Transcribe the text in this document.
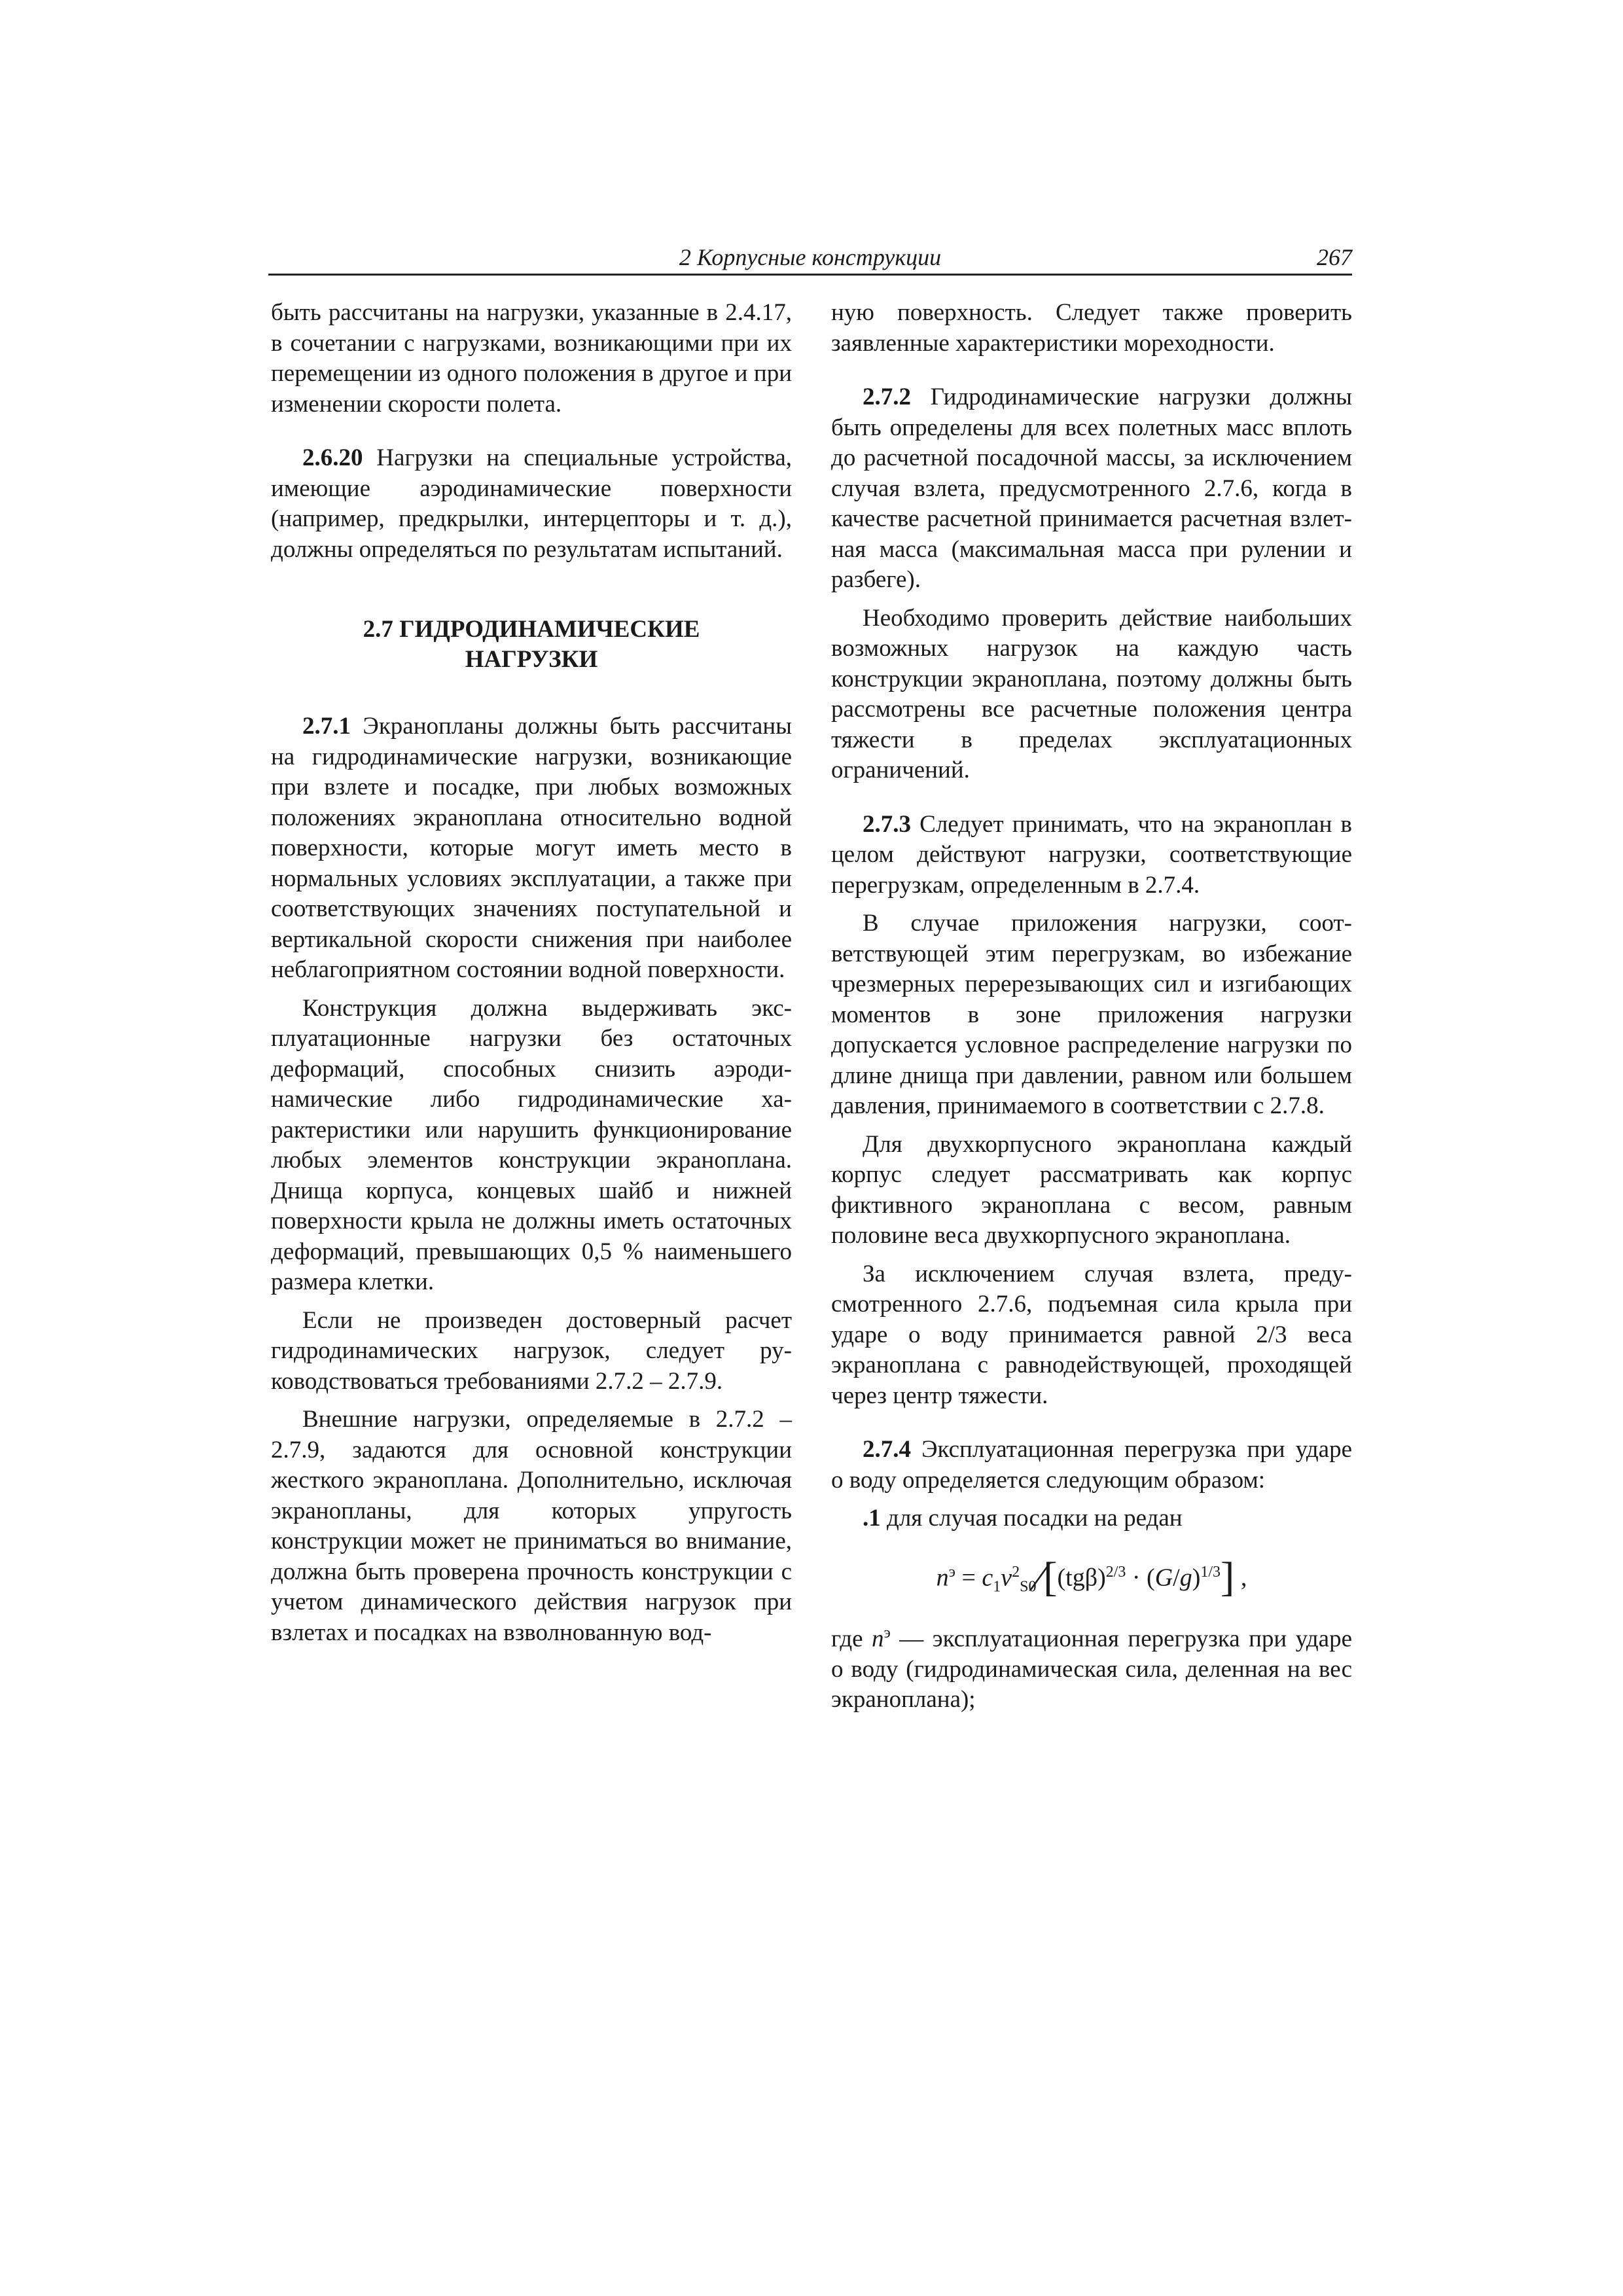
2 Корпусные конструкции	267

быть рассчитаны на нагрузки, указанные в 2.4.17, в сочетании с нагрузками, возникающими при их перемещении из одного положения в другое и при изменении скорости полета.

2.6.20 Нагрузки на специальные устройства, имеющие аэродинамические поверхности (например, предкрылки, интерцепторы и т. д.), должны определяться по результатам испытаний.

2.7 ГИДРОДИНАМИЧЕСКИЕ
НАГРУЗКИ

2.7.1 Экранопланы должны быть рассчитаны на гидродинамические нагрузки, возникающие при взлете и посадке, при любых возможных положениях экраноплана относительно водной поверхности, которые могут иметь место в нормальных условиях эксплуатации, а также при соответствующих значениях поступательной и вертикальной скорости снижения при наиболее неблагоприятном состоянии водной поверхности.

Конструкция должна выдерживать эксплуатационные нагрузки без остаточных деформаций, способных снизить аэродинамические либо гидродинамические характеристики или нарушить функционирование любых элементов конструкции экраноплана. Днища корпуса, концевых шайб и нижней поверхности крыла не должны иметь остаточных деформаций, превышающих 0,5 % наименьшего размера клетки.

Если не произведен достоверный расчет гидродинамических нагрузок, следует руководствоваться требованиями 2.7.2 – 2.7.9.

Внешние нагрузки, определяемые в 2.7.2 – 2.7.9, задаются для основной конструкции жесткого экраноплана. Дополнительно, исключая экранопланы, для которых упругость конструкции может не приниматься во внимание, должна быть проверена прочность конструкции с учетом динамического действия нагрузок при взлетах и посадках на взволнованную вод-

ную поверхность. Следует также проверить заявленные характеристики мореходности.

2.7.2 Гидродинамические нагрузки должны быть определены для всех полетных масс вплоть до расчетной посадочной массы, за исключением случая взлета, предусмотренного 2.7.6, когда в качестве расчетной принимается расчетная взлетная масса (максимальная масса при рулении и разбеге).

Необходимо проверить действие наибольших возможных нагрузок на каждую часть конструкции экраноплана, поэтому должны быть рассмотрены все расчетные положения центра тяжести в пределах эксплуатационных ограничений.

2.7.3 Следует принимать, что на экраноплан в целом действуют нагрузки, соответствующие перегрузкам, определенным в 2.7.4.

В случае приложения нагрузки, соответствующей этим перегрузкам, во избежание чрезмерных перерезывающих сил и изгибающих моментов в зоне приложения нагрузки допускается условное распределение нагрузки по длине днища при давлении, равном или большем давления, принимаемого в соответствии с 2.7.8.

Для двухкорпусного экраноплана каждый корпус следует рассматривать как корпус фиктивного экраноплана с весом, равным половине веса двухкорпусного экраноплана.

За исключением случая взлета, предусмотренного 2.7.6, подъемная сила крыла при ударе о воду принимается равной 2/3 веса экраноплана с равнодействующей, проходящей через центр тяжести.

2.7.4 Эксплуатационная перегрузка при ударе о воду определяется следующим образом:

.1 для случая посадки на редан

$n^э$ = $c_1v^2_{S0}∕[(tg\beta)^{2/3} \cdot (G/g)^{1/3}]$ ,

где $n^э$ — эксплуатационная перегрузка при ударе о воду (гидродинамическая сила, деленная на вес экраноплана);
